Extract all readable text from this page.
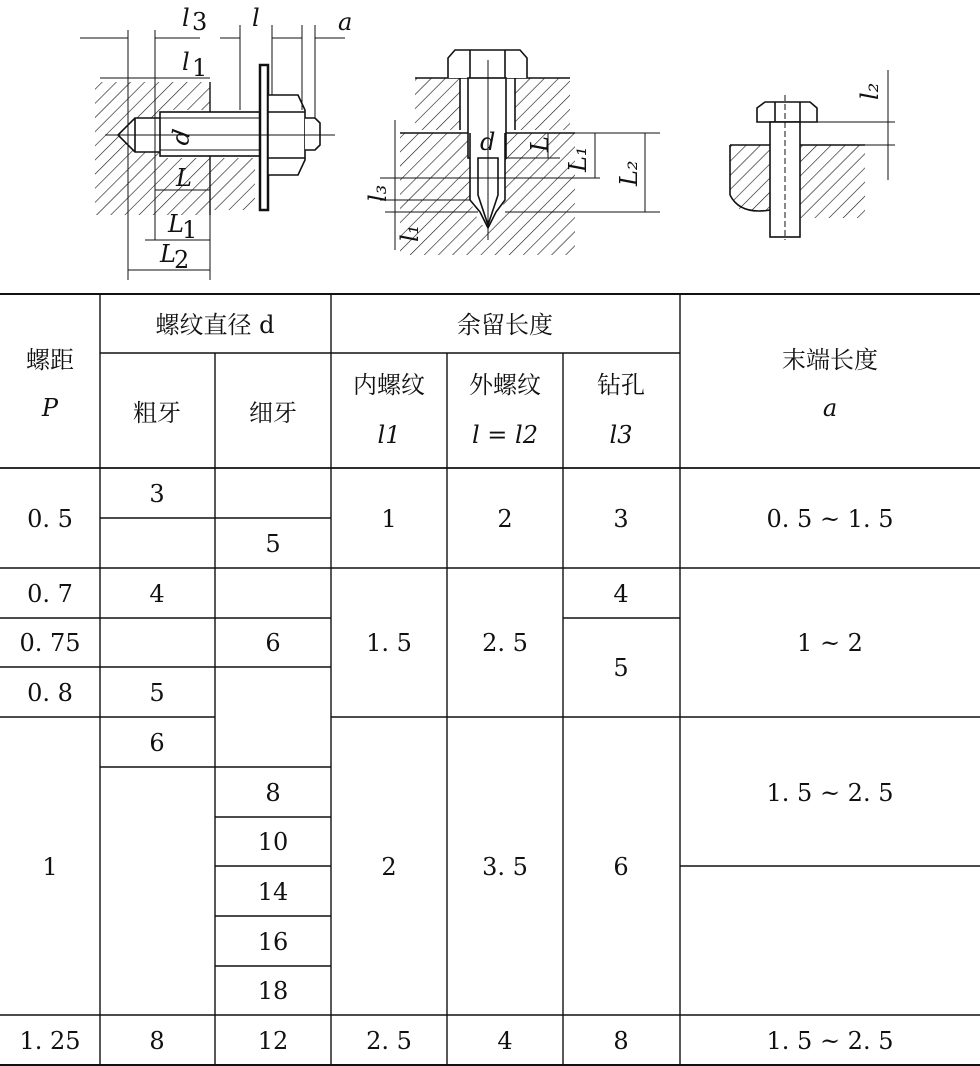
l 3 l	a
l 1
d
L
L
1
L
2
d L
L₁
L₂
l₃
l₁
l₂
螺距
P
螺纹直径 d
粗牙	细牙
余留长度
内螺纹
l1
外螺纹
l = l2
钻孔
l3
末端长度
a
0. 5
0. 7
0. 75
0. 8
1
1. 25
3
4
5
6
8
5
6
8
10
14
16
18
12
1
1. 5
2
2. 5
2
2. 5
3. 5
4
3
4
5
6
8
0. 5 ~ 1. 5
1 ~ 2
1. 5 ~ 2. 5
1. 5 ~ 2. 5
